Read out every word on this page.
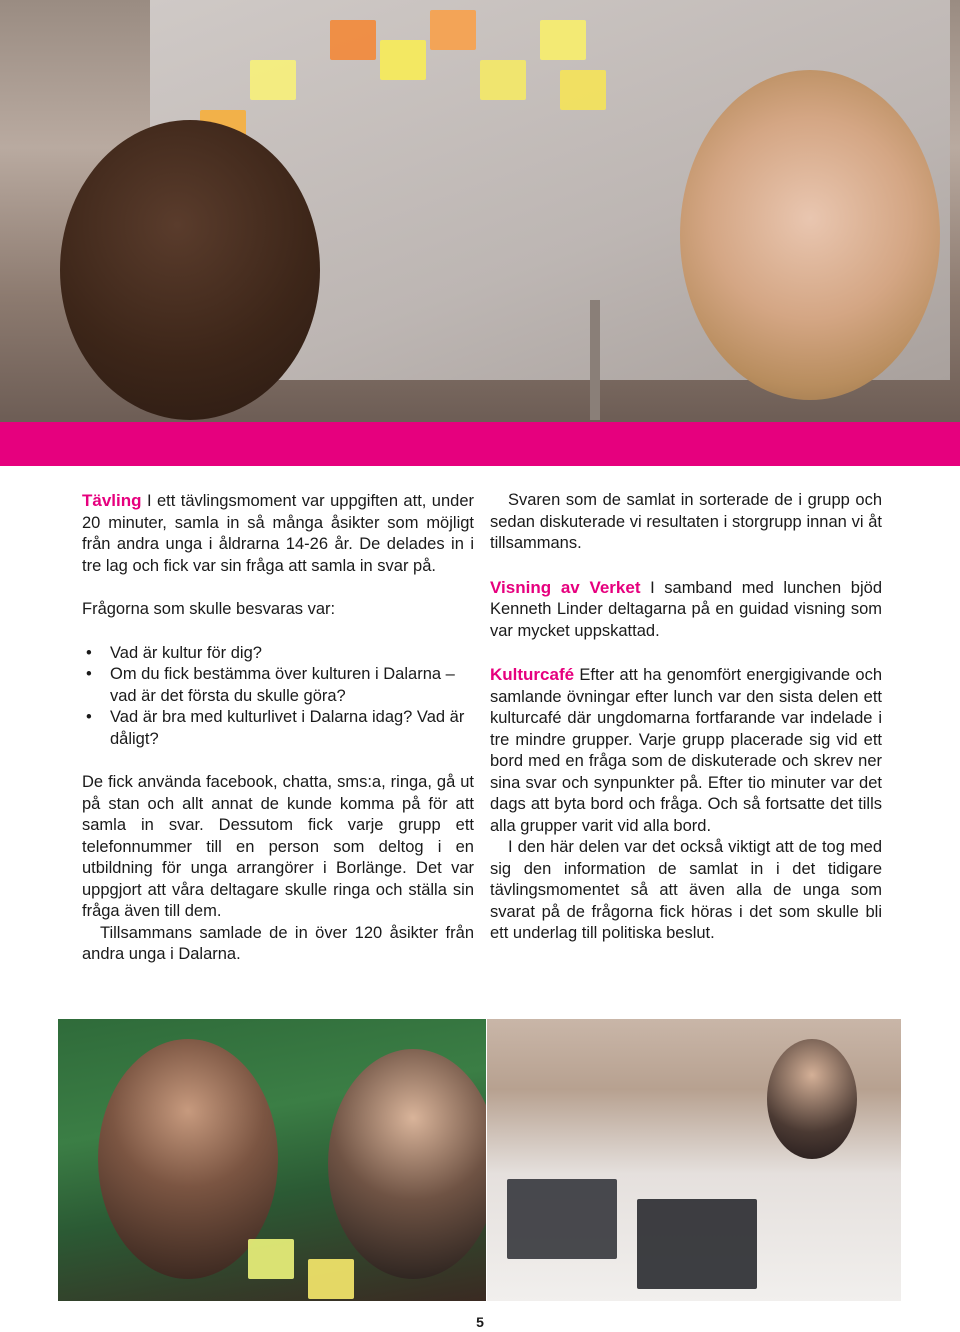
Tävling I ett tävlingsmoment var uppgiften att, under 20 minuter, samla in så många åsikter som möjligt från andra unga i åldrarna 14-26 år. De delades in i tre lag och fick var sin fråga att samla in svar på.

Frågorna som skulle besvaras var:

• Vad är kultur för dig?
• Om du fick bestämma över kulturen i Dalarna – vad är det första du skulle göra?
• Vad är bra med kulturlivet i Dalarna idag? Vad är dåligt?

De fick använda facebook, chatta, sms:a, ringa, gå ut på stan och allt annat de kunde komma på för att samla in svar. Dessutom fick varje grupp ett telefonnummer till en person som deltog i en utbildning för unga arrangörer i Borlänge. Det var uppgjort att våra deltagare skulle ringa och ställa sin fråga även till dem.

Tillsammans samlade de in över 120 åsikter från andra unga i Dalarna.

Svaren som de samlat in sorterade de i grupp och sedan diskuterade vi resultaten i storgrupp innan vi åt tillsammans.

Visning av Verket I samband med lunchen bjöd Kenneth Linder deltagarna på en guidad visning som var mycket uppskattad.

Kulturcafé Efter att ha genomfört energigivande och samlande övningar efter lunch var den sista delen ett kulturcafé där ungdomarna fortfarande var indelade i tre mindre grupper. Varje grupp placerade sig vid ett bord med en fråga som de diskuterade och skrev ner sina svar och synpunkter på. Efter tio minuter var det dags att byta bord och fråga. Och så fortsatte det tills alla grupper varit vid alla bord.

I den här delen var det också viktigt att de tog med sig den information de samlat in i det tidigare tävlingsmomentet så att även alla de unga som svarat på de frågorna fick höras i det som skulle bli ett underlag till politiska beslut.

5
